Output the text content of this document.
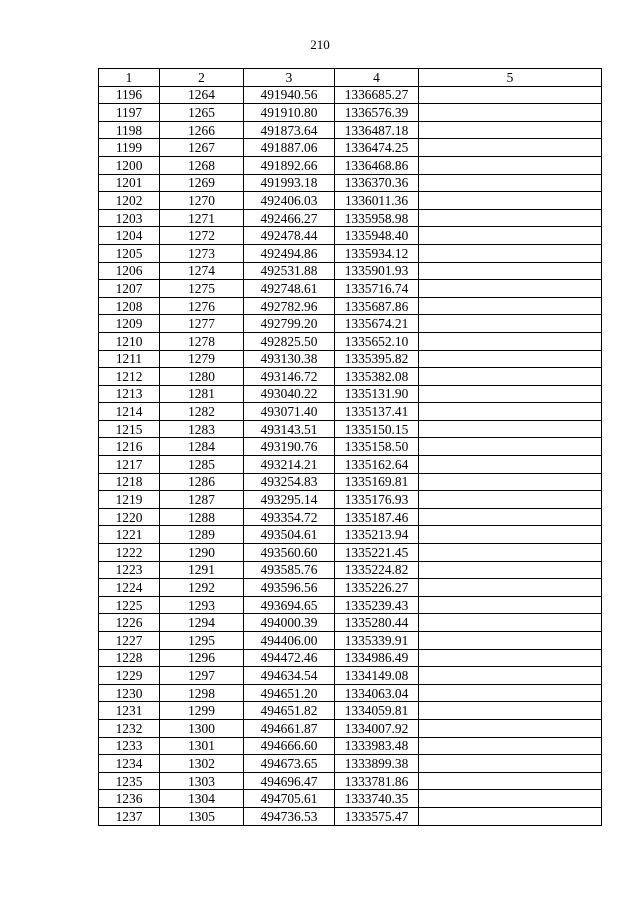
210
1	2	3	4	5
1196	1264	491940.56	1336685.27	
1197	1265	491910.80	1336576.39	
1198	1266	491873.64	1336487.18	
1199	1267	491887.06	1336474.25	
1200	1268	491892.66	1336468.86	
1201	1269	491993.18	1336370.36	
1202	1270	492406.03	1336011.36	
1203	1271	492466.27	1335958.98	
1204	1272	492478.44	1335948.40	
1205	1273	492494.86	1335934.12	
1206	1274	492531.88	1335901.93	
1207	1275	492748.61	1335716.74	
1208	1276	492782.96	1335687.86	
1209	1277	492799.20	1335674.21	
1210	1278	492825.50	1335652.10	
1211	1279	493130.38	1335395.82	
1212	1280	493146.72	1335382.08	
1213	1281	493040.22	1335131.90	
1214	1282	493071.40	1335137.41	
1215	1283	493143.51	1335150.15	
1216	1284	493190.76	1335158.50	
1217	1285	493214.21	1335162.64	
1218	1286	493254.83	1335169.81	
1219	1287	493295.14	1335176.93	
1220	1288	493354.72	1335187.46	
1221	1289	493504.61	1335213.94	
1222	1290	493560.60	1335221.45	
1223	1291	493585.76	1335224.82	
1224	1292	493596.56	1335226.27	
1225	1293	493694.65	1335239.43	
1226	1294	494000.39	1335280.44	
1227	1295	494406.00	1335339.91	
1228	1296	494472.46	1334986.49	
1229	1297	494634.54	1334149.08	
1230	1298	494651.20	1334063.04	
1231	1299	494651.82	1334059.81	
1232	1300	494661.87	1334007.92	
1233	1301	494666.60	1333983.48	
1234	1302	494673.65	1333899.38	
1235	1303	494696.47	1333781.86	
1236	1304	494705.61	1333740.35	
1237	1305	494736.53	1333575.47	
